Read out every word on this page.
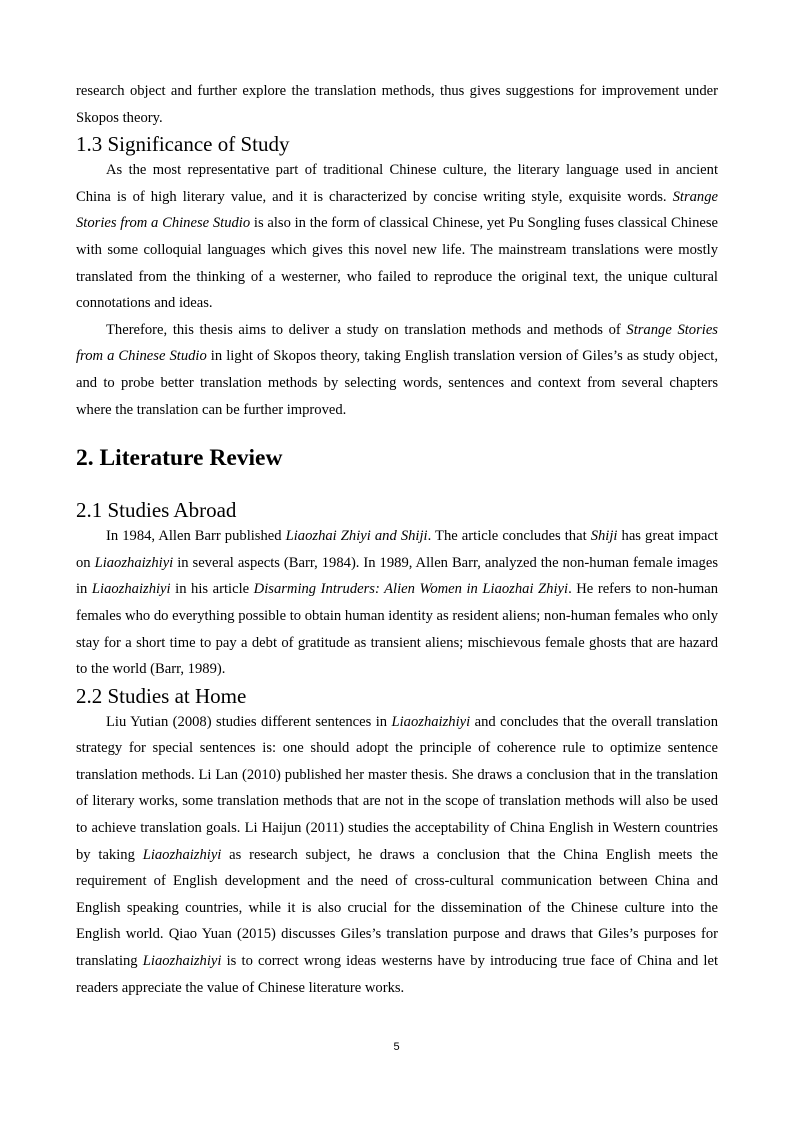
research object and further explore the translation methods, thus gives suggestions for improvement under Skopos theory.

1.3 Significance of Study

As the most representative part of traditional Chinese culture, the literary language used in ancient China is of high literary value, and it is characterized by concise writing style, exquisite words. Strange Stories from a Chinese Studio is also in the form of classical Chinese, yet Pu Songling fuses classical Chinese with some colloquial languages which gives this novel new life. The mainstream translations were mostly translated from the thinking of a westerner, who failed to reproduce the original text, the unique cultural connotations and ideas.

Therefore, this thesis aims to deliver a study on translation methods and methods of Strange Stories from a Chinese Studio in light of Skopos theory, taking English translation version of Giles’s as study object, and to probe better translation methods by selecting words, sentences and context from several chapters where the translation can be further improved.

2. Literature Review
2.1 Studies Abroad

In 1984, Allen Barr published Liaozhai Zhiyi and Shiji. The article concludes that Shiji has great impact on Liaozhaizhiyi in several aspects (Barr, 1984). In 1989, Allen Barr, analyzed the non-human female images in Liaozhaizhiyi in his article Disarming Intruders: Alien Women in Liaozhai Zhiyi. He refers to non-human females who do everything possible to obtain human identity as resident aliens; non-human females who only stay for a short time to pay a debt of gratitude as transient aliens; mischievous female ghosts that are hazard to the world (Barr, 1989).

2.2 Studies at Home

Liu Yutian (2008) studies different sentences in Liaozhaizhiyi and concludes that the overall translation strategy for special sentences is: one should adopt the principle of coherence rule to optimize sentence translation methods. Li Lan (2010) published her master thesis. She draws a conclusion that in the translation of literary works, some translation methods that are not in the scope of translation methods will also be used to achieve translation goals. Li Haijun (2011) studies the acceptability of China English in Western countries by taking Liaozhaizhiyi as research subject, he draws a conclusion that the China English meets the requirement of English development and the need of cross-cultural communication between China and English speaking countries, while it is also crucial for the dissemination of the Chinese culture into the English world. Qiao Yuan (2015) discusses Giles’s translation purpose and draws that Giles’s purposes for translating Liaozhaizhiyi is to correct wrong ideas westerns have by introducing true face of China and let readers appreciate the value of Chinese literature works.

5
